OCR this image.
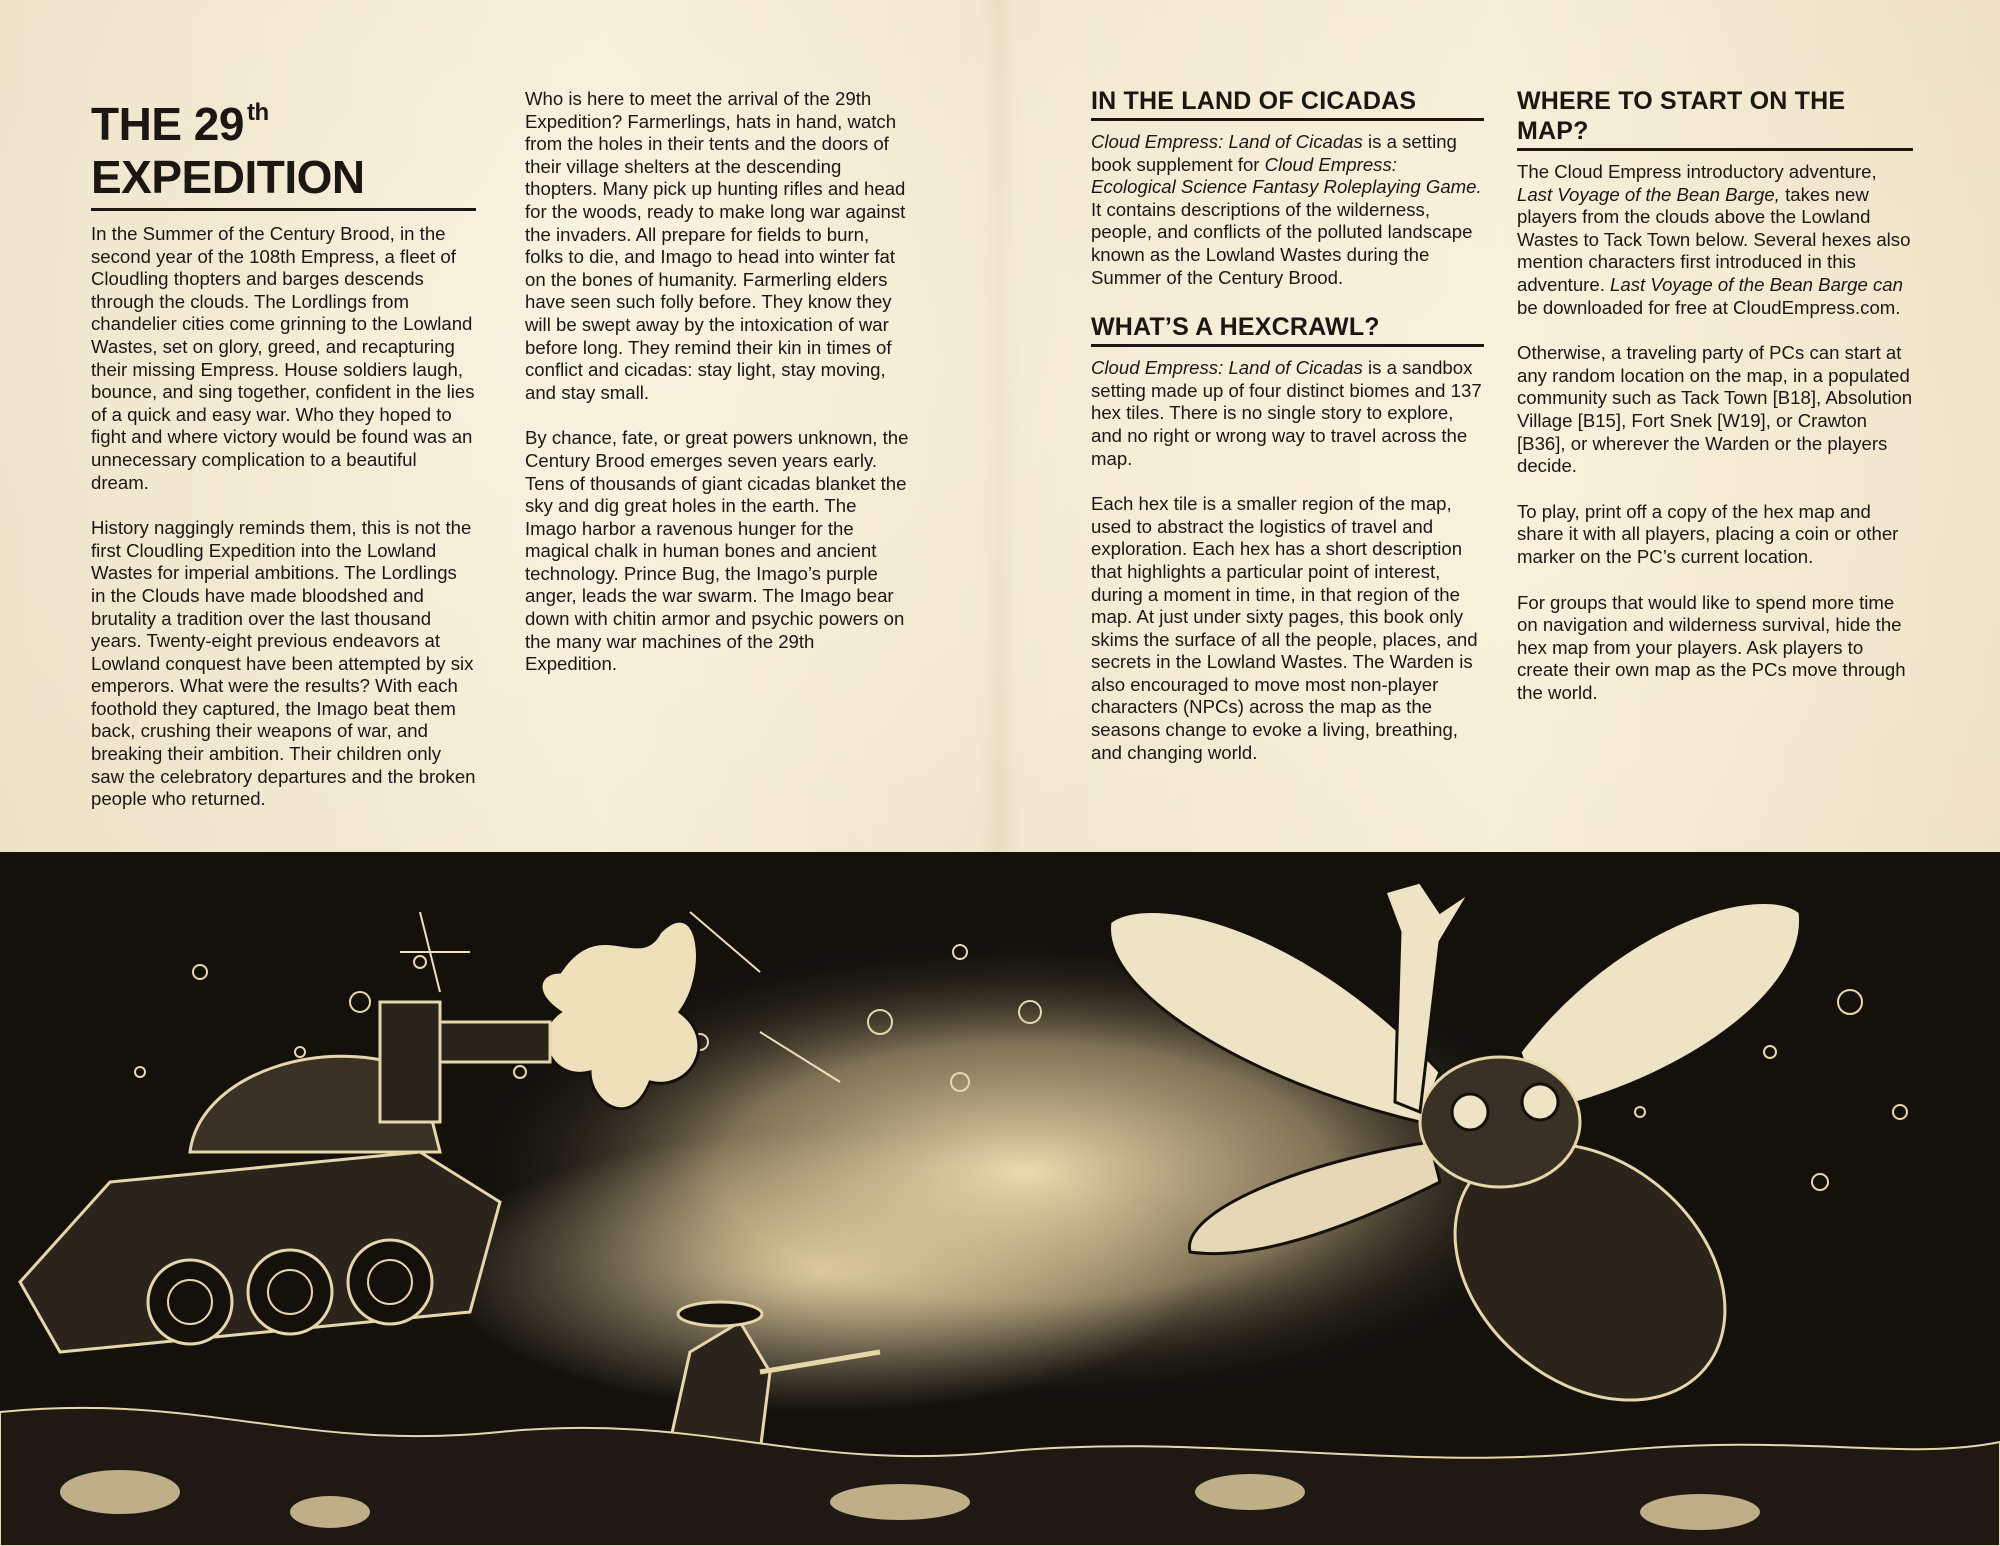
THE 29 $^{th}$
EXPEDITION

In the Summer of the Century Brood, in the second year of the 108th Empress, a fleet of Cloudling thopters and barges descends through the clouds. The Lordlings from chandelier cities come grinning to the Lowland Wastes, set on glory, greed, and recapturing their missing Empress. House soldiers laugh, bounce, and sing together, confident in the lies of a quick and easy war. Who they hoped to fight and where victory would be found was an unnecessary complication to a beautiful dream.

History naggingly reminds them, this is not the first Cloudling Expedition into the Lowland Wastes for imperial ambitions. The Lordlings in the Clouds have made bloodshed and brutality a tradition over the last thousand years. Twenty-eight previous endeavors at Lowland conquest have been attempted by six emperors. What were the results? With each foothold they captured, the Imago beat them back, crushing their weapons of war, and breaking their ambition. Their children only saw the celebratory departures and the broken people who returned.

Who is here to meet the arrival of the 29th Expedition? Farmerlings, hats in hand, watch from the holes in their tents and the doors of their village shelters at the descending thopters. Many pick up hunting rifles and head for the woods, ready to make long war against the invaders. All prepare for fields to burn, folks to die, and Imago to head into winter fat on the bones of humanity. Farmerling elders have seen such folly before. They know they will be swept away by the intoxication of war before long. They remind their kin in times of conflict and cicadas: stay light, stay moving, and stay small.

By chance, fate, or great powers unknown, the Century Brood emerges seven years early. Tens of thousands of giant cicadas blanket the sky and dig great holes in the earth. The Imago harbor a ravenous hunger for the magical chalk in human bones and ancient technology. Prince Bug, the Imago’s purple anger, leads the war swarm. The Imago bear down with chitin armor and psychic powers on the many war machines of the 29th Expedition.

IN THE LAND OF CICADAS

Cloud Empress: Land of Cicadas is a setting book supplement for Cloud Empress: Ecological Science Fantasy Roleplaying Game. It contains descriptions of the wilderness, people, and conflicts of the polluted landscape known as the Lowland Wastes during the Summer of the Century Brood.

WHAT’S A HEXCRAWL?

Cloud Empress: Land of Cicadas is a sandbox setting made up of four distinct biomes and 137 hex tiles. There is no single story to explore, and no right or wrong way to travel across the map.

Each hex tile is a smaller region of the map, used to abstract the logistics of travel and exploration. Each hex has a short description that highlights a particular point of interest, during a moment in time, in that region of the map. At just under sixty pages, this book only skims the surface of all the people, places, and secrets in the Lowland Wastes. The Warden is also encouraged to move most non-player characters (NPCs) across the map as the seasons change to evoke a living, breathing, and changing world.

WHERE TO START ON THE MAP?

The Cloud Empress introductory adventure, Last Voyage of the Bean Barge, takes new players from the clouds above the Lowland Wastes to Tack Town below. Several hexes also mention characters first introduced in this adventure. Last Voyage of the Bean Barge can be downloaded for free at CloudEmpress.com.

Otherwise, a traveling party of PCs can start at any random location on the map, in a populated community such as Tack Town [B18], Absolution Village [B15], Fort Snek [W19], or Crawton [B36], or wherever the Warden or the players decide.

To play, print off a copy of the hex map and share it with all players, placing a coin or other marker on the PC’s current location.

For groups that would like to spend more time on navigation and wilderness survival, hide the hex map from your players. Ask players to create their own map as the PCs move through the world.
